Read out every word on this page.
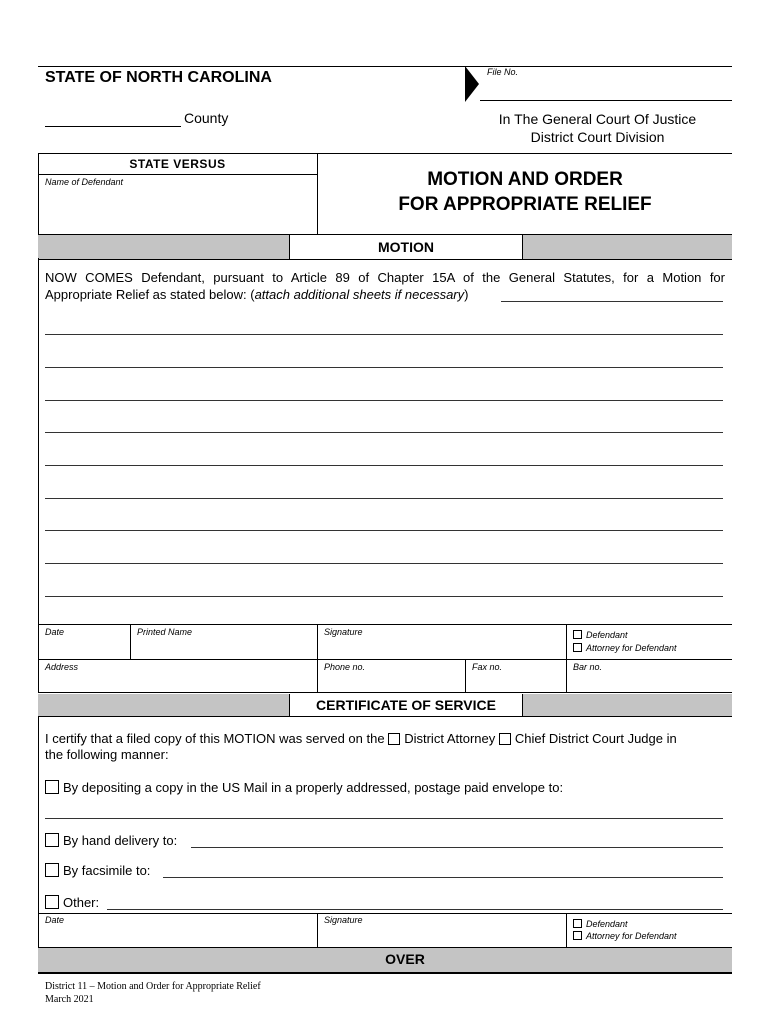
STATE OF NORTH CAROLINA	File No.
County	In The General Court Of Justice
District Court Division
STATE VERSUS
Name of Defendant	MOTION AND ORDER
FOR APPROPRIATE RELIEF
MOTION
NOW COMES Defendant, pursuant to Article 89 of Chapter 15A of the General Statutes, for a Motion for
Appropriate Relief as stated below: (attach additional sheets if necessary)
Date	Printed Name	Signature	Defendant
Attorney for Defendant
Address	Phone no.	Fax no.	Bar no.
CERTIFICATE OF SERVICE
I certify that a filed copy of this MOTION was served on the District Attorney Chief District Court Judge in
the following manner:
By depositing a copy in the US Mail in a properly addressed, postage paid envelope to:
By hand delivery to:
By facsimile to:
Other:
Date	Signature	Defendant
Attorney for Defendant
OVER
District 11 – Motion and Order for Appropriate Relief
March 2021
